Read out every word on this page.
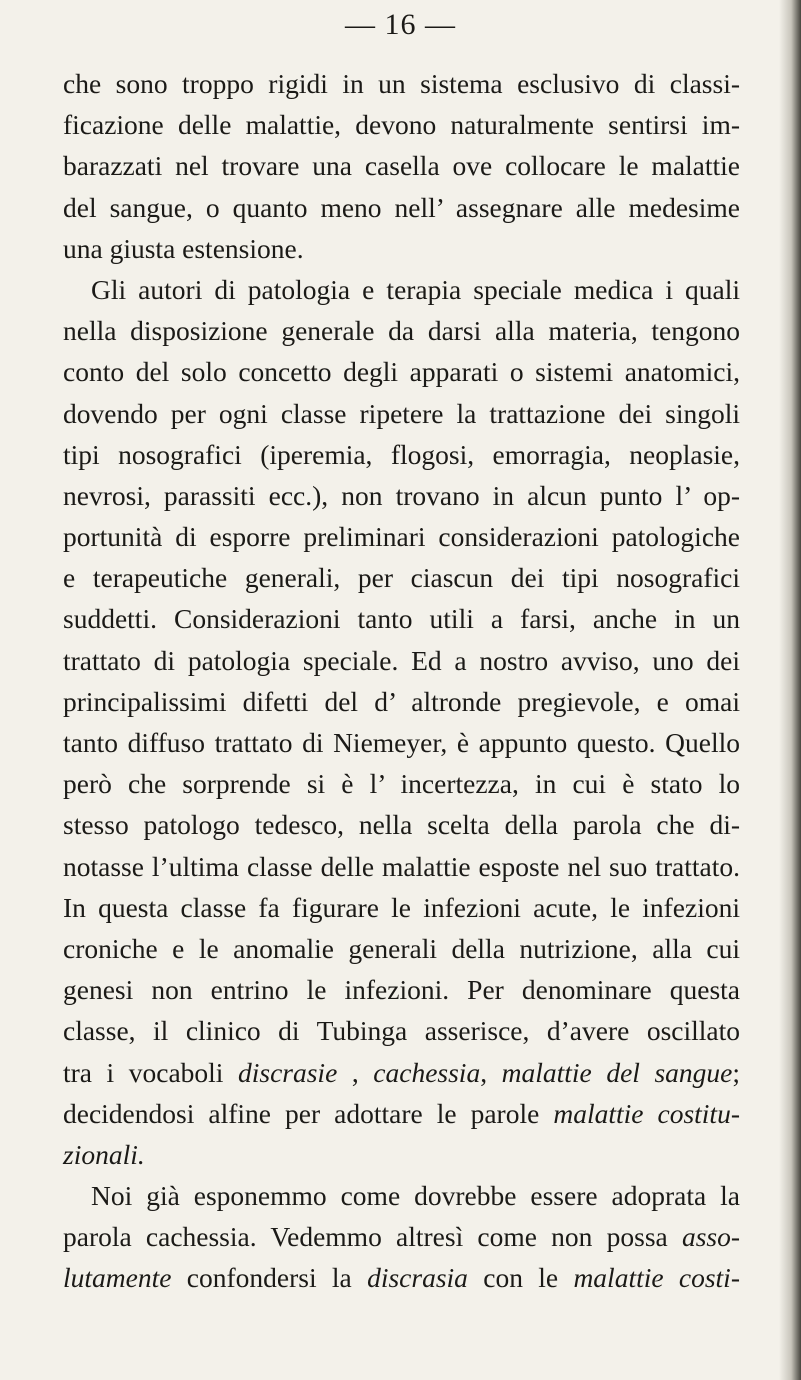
— 16 —
che sono troppo rigidi in un sistema esclusivo di classi-
ficazione delle malattie, devono naturalmente sentirsi im-
barazzati nel trovare una casella ove collocare le malattie
del sangue, o quanto meno nell’ assegnare alle medesime
una giusta estensione.
Gli autori di patologia e terapia speciale medica i quali
nella disposizione generale da darsi alla materia, tengono
conto del solo concetto degli apparati o sistemi anatomici,
dovendo per ogni classe ripetere la trattazione dei singoli
tipi nosografici (iperemia, flogosi, emorragia, neoplasie,
nevrosi, parassiti ecc.), non trovano in alcun punto l’ op-
portunità di esporre preliminari considerazioni patologiche
e terapeutiche generali, per ciascun dei tipi nosografici
suddetti. Considerazioni tanto utili a farsi, anche in un
trattato di patologia speciale. Ed a nostro avviso, uno dei
principalissimi difetti del d’ altronde pregievole, e omai
tanto diffuso trattato di Niemeyer, è appunto questo. Quello
però che sorprende si è l’ incertezza, in cui è stato lo
stesso patologo tedesco, nella scelta della parola che di-
notasse l’ultima classe delle malattie esposte nel suo trattato.
In questa classe fa figurare le infezioni acute, le infezioni
croniche e le anomalie generali della nutrizione, alla cui
genesi non entrino le infezioni. Per denominare questa
classe, il clinico di Tubinga asserisce, d’avere oscillato
tra i vocaboli discrasie , cachessia, malattie del sangue;
decidendosi alfine per adottare le parole malattie costitu-
zionali.
Noi già esponemmo come dovrebbe essere adoprata la
parola cachessia. Vedemmo altresì come non possa asso-
lutamente confondersi la discrasia con le malattie costi-
